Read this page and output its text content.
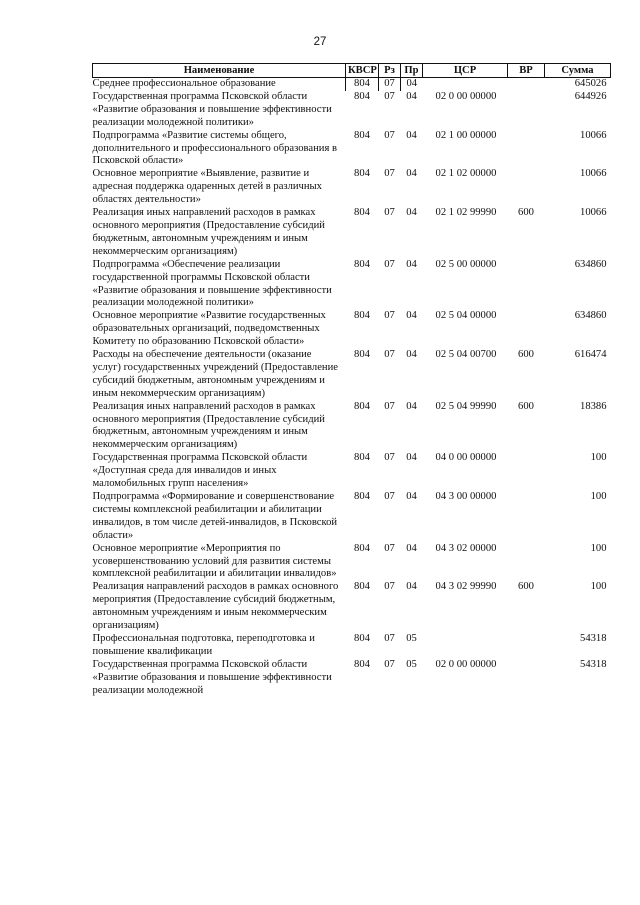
27
Наименование	КВСР	Рз	Пр	ЦСР	ВР	Сумма
Среднее профессиональное образование	804	07	04			645026
Государственная программа Псковской области «Развитие образования и повышение эффективности реализации молодежной политики»	804	07	04	02 0 00 00000		644926
Подпрограмма «Развитие системы общего, дополнительного и профессионального образования в Псковской области»	804	07	04	02 1 00 00000		10066
Основное мероприятие «Выявление, развитие и адресная поддержка одаренных детей в различных областях деятельности»	804	07	04	02 1 02 00000		10066
Реализация иных направлений расходов в рамках основного мероприятия (Предоставление субсидий бюджетным, автономным учреждениям и иным некоммерческим организациям)	804	07	04	02 1 02 99990	600	10066
Подпрограмма «Обеспечение реализации государственной программы Псковской области «Развитие образования и повышение эффективности реализации молодежной политики»	804	07	04	02 5 00 00000		634860
Основное мероприятие «Развитие государственных образовательных организаций, подведомственных Комитету по образованию Псковской области»	804	07	04	02 5 04 00000		634860
Расходы на обеспечение деятельности (оказание услуг) государственных учреждений (Предоставление субсидий бюджетным, автономным учреждениям и иным некоммерческим организациям)	804	07	04	02 5 04 00700	600	616474
Реализация иных направлений расходов в рамках основного мероприятия (Предоставление субсидий бюджетным, автономным учреждениям и иным некоммерческим организациям)	804	07	04	02 5 04 99990	600	18386
Государственная программа Псковской области «Доступная среда для инвалидов и иных маломобильных групп населения»	804	07	04	04 0 00 00000		100
Подпрограмма «Формирование и совершенствование системы комплексной реабилитации и абилитации инвалидов, в том числе детей-инвалидов, в Псковской области»	804	07	04	04 3 00 00000		100
Основное мероприятие «Мероприятия по усовершенствованию условий для развития системы комплексной реабилитации и абилитации инвалидов»	804	07	04	04 3 02 00000		100
Реализация направлений расходов в рамках основного мероприятия (Предоставление субсидий бюджетным, автономным учреждениям и иным некоммерческим организациям)	804	07	04	04 3 02 99990	600	100
Профессиональная подготовка, переподготовка и повышение квалификации	804	07	05			54318
Государственная программа Псковской области «Развитие образования и повышение эффективности реализации молодежной	804	07	05	02 0 00 00000		54318
